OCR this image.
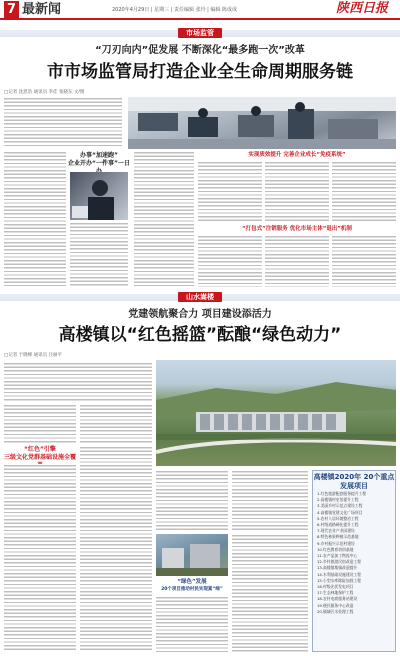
7 最新闻	2020年4月29日 | 星期三 | 责任编辑 张玲 | 编辑 陈成成	陕西日报
市场监管
“刀刃向内”促发展 不断深化“最多跑一次”改革
市市场监管局打造企业全生命周期服务链
□记者 沈恩浩 通讯员 李佳 张晓东 文/图
办事“加速跑”
企业开办“一件事”一日
实现质效提升 完善企业成长“免疫系统”
“打包式”注销服务 优化市场主体“退出”机制
山水嵩楼
党建领航聚合力 项目建设添活力
高楼镇以“红色摇篮”酝酿“绿色动力”
□记者 于晓峰 通讯员 汪丽平
“红色”引擎
三级文化党群基础设施全覆
“绿色”发展
20个项目推动村民实现富“绿”
高楼镇2020年 20个重点发展项目
1.红色旅游配套服务提升工程
2.高楼镇村史馆提升工程
3.美丽乡村示范点建设工程
4.高楼镇党建文化广场项目
5.农村人居环境整治工程
6.村级道路硬化提升工程
7.现代农业产业园建设
8.特色林果种植示范基地
9.乡村振兴示范村建设
10.红色教育培训基地
11.农产品加工物流中心
12.乡村旅游民宿改造工程
13.高楼镇集镇改造提升
14.水利基础设施建设工程
15.小型水库除险加固工程
16.村级光伏发电项目
17.生态林地保护工程
18.农村电商服务站建设
19.便民服务中心改造
20.镇域污水处理工程
